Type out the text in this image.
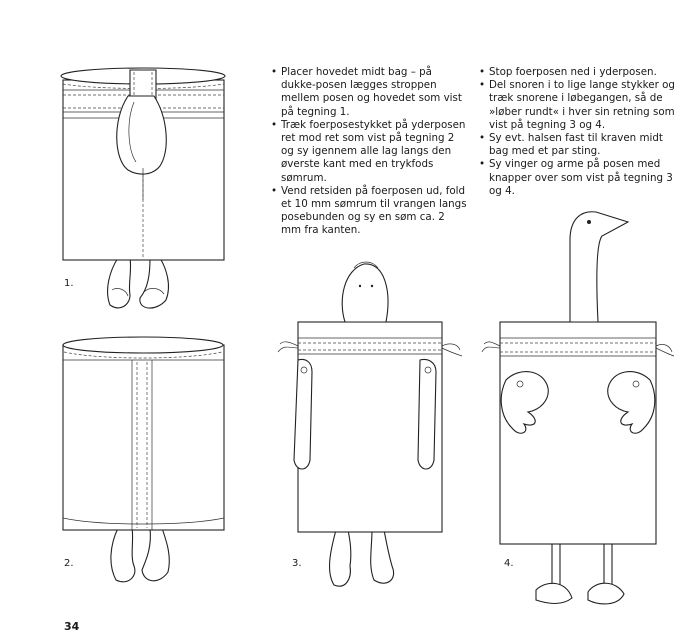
• Placer hovedet midt bag – på dukke-posen lægges stroppen mellem posen og hovedet som vist på tegning 1.
• Træk foerposestykket på yderposen ret mod ret som vist på tegning 2 og sy igennem alle lag langs den øverste kant med en trykfods sømrum.
• Vend retsiden på foerposen ud, fold et 10 mm sømrum til vrangen langs posebunden og sy en søm ca. 2 mm fra kanten.
• Stop foerposen ned i yderposen.
• Del snoren i to lige lange stykker og træk snorene i løbegangen, så de »løber rundt« i hver sin retning som vist på tegning 3 og 4.
• Sy evt. halsen fast til kraven midt bag med et par sting.
• Sy vinger og arme på posen med knapper over som vist på tegning 3 og 4.
1.
2.	3.	4.
34
